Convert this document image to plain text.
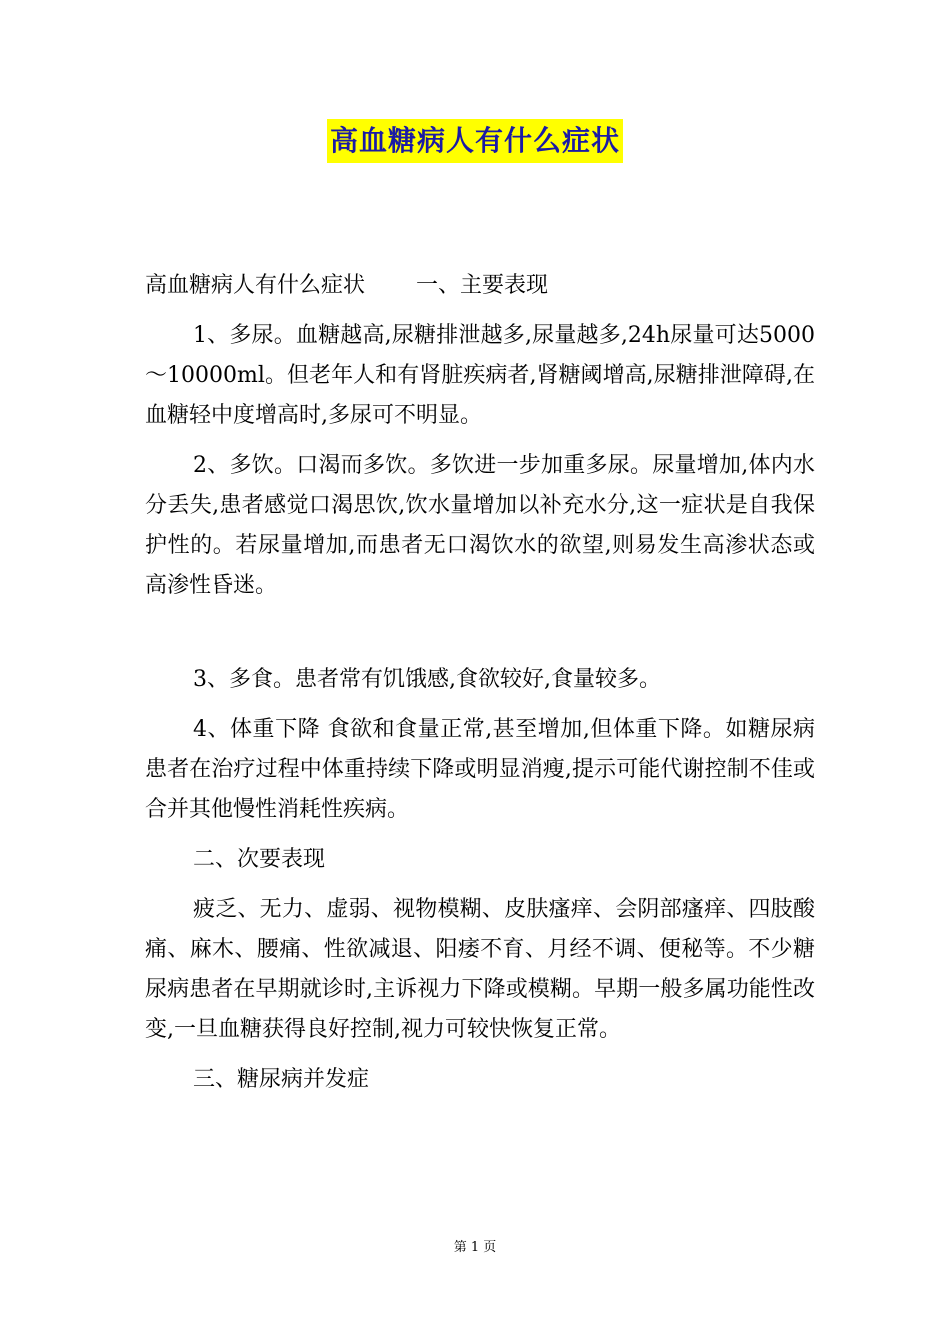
高血糖病人有什么症状

高血糖病人有什么症状　　 一、主要表现

1、多尿。血糖越高,尿糖排泄越多,尿量越多,24h尿量可达5000～10000ml。但老年人和有肾脏疾病者,肾糖阈增高,尿糖排泄障碍,在血糖轻中度增高时,多尿可不明显。

2、多饮。口渴而多饮。多饮进一步加重多尿。尿量增加,体内水分丢失,患者感觉口渴思饮,饮水量增加以补充水分,这一症状是自我保护性的。若尿量增加,而患者无口渴饮水的欲望,则易发生高渗状态或高渗性昏迷。

3、多食。患者常有饥饿感,食欲较好,食量较多。

4、体重下降 食欲和食量正常,甚至增加,但体重下降。如糖尿病患者在治疗过程中体重持续下降或明显消瘦,提示可能代谢控制不佳或合并其他慢性消耗性疾病。

二、次要表现

疲乏、无力、虚弱、视物模糊、皮肤瘙痒、会阴部瘙痒、四肢酸痛、麻木、腰痛、性欲减退、阳痿不育、月经不调、便秘等。不少糖尿病患者在早期就诊时,主诉视力下降或模糊。早期一般多属功能性改变,一旦血糖获得良好控制,视力可较快恢复正常。

三、糖尿病并发症

第 1 页
